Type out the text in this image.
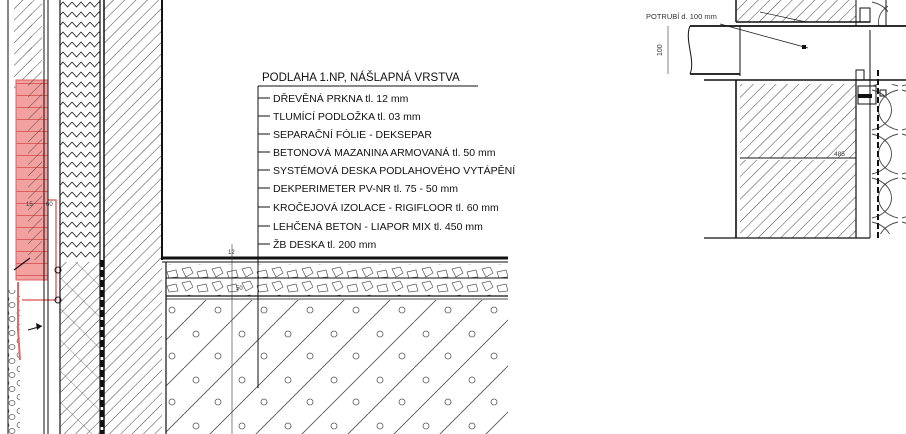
15 60
12
50
PODLAHA 1.NP, NÁŠLAPNÁ VRSTVA
DŘEVĚNÁ PRKNA tl. 12 mm
TLUMÍCÍ PODLOŽKA tl. 03 mm
SEPARAČNÍ FÓLIE - DEKSEPAR
BETONOVÁ MAZANINA ARMOVANÁ tl. 50 mm
SYSTÉMOVÁ DESKA PODLAHOVÉHO VYTÁPĚNÍ
DEKPERIMETER PV-NR tl. 75 - 50 mm
KROČEJOVÁ IZOLACE - RIGIFLOOR tl. 60 mm
LEHČENÁ BETON - LIAPOR MIX tl. 450 mm
ŽB DESKA tl. 200 mm
POTRUBÍ d. 100 mm
100
485
